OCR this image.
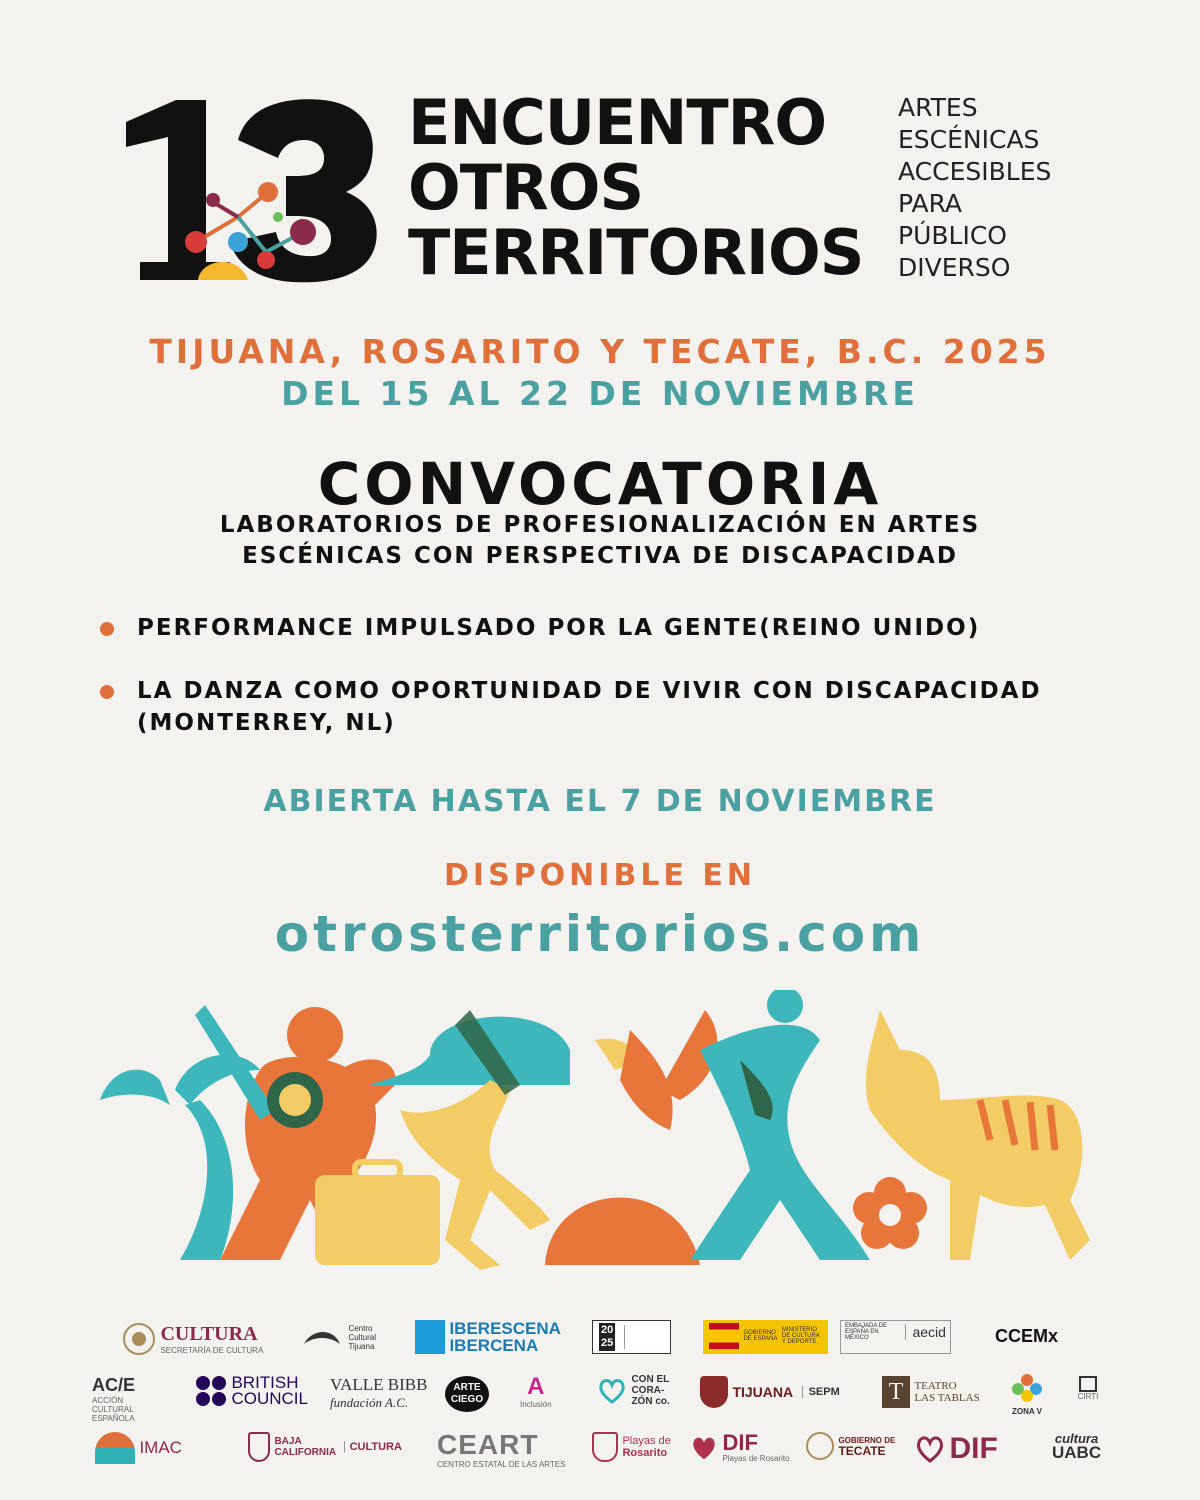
ENCUENTRO
OTROS
TERRITORIOS
ARTES
ESCÉNICAS
ACCESIBLES
PARA
PÚBLICO
DIVERSO
TIJUANA, ROSARITO Y TECATE, B.C. 2025
DEL 15 AL 22 DE NOVIEMBRE
CONVOCATORIA
LABORATORIOS DE PROFESIONALIZACIÓN EN ARTES
ESCÉNICAS CON PERSPECTIVA DE DISCAPACIDAD
PERFORMANCE IMPULSADO POR LA GENTE(REINO UNIDO)
LA DANZA COMO OPORTUNIDAD DE VIVIR CON DISCAPACIDAD (MONTERREY, NL)
ABIERTA HASTA EL 7 DE NOVIEMBRE
DISPONIBLE EN
otrosterritorios.com
CULTURA
SECRETARÍA DE CULTURA
Centro Cultural Tijuana

IBERESCENA
IBERCENA
20
25

GOBIERNO DE ESPAÑA MINISTERIO DE CULTURA Y DEPORTE
EMBAJADA DE ESPAÑA EN MÉXICO	aecid	CCEMx
AC/E
ACCIÓN CULTURAL ESPAÑOLA

BRITISH
COUNCIL
VALLE BIBB
fundación A.C.
ARTE
CIEGO A
Inclusión

CON EL
CORA-
ZÓN co.
TIJUANA SEPM T TEATRO
LAS TABLAS
ZONA V
CIRTI
IMAC
	BAJA
CALIFORNIA CULTURA CEART
CENTRO ESTATAL DE LAS ARTES

Playas de
Rosarito
	DIF
Playas de Rosarito

GOBIERNO DE
TECATE	DIF	cultura
UABC
